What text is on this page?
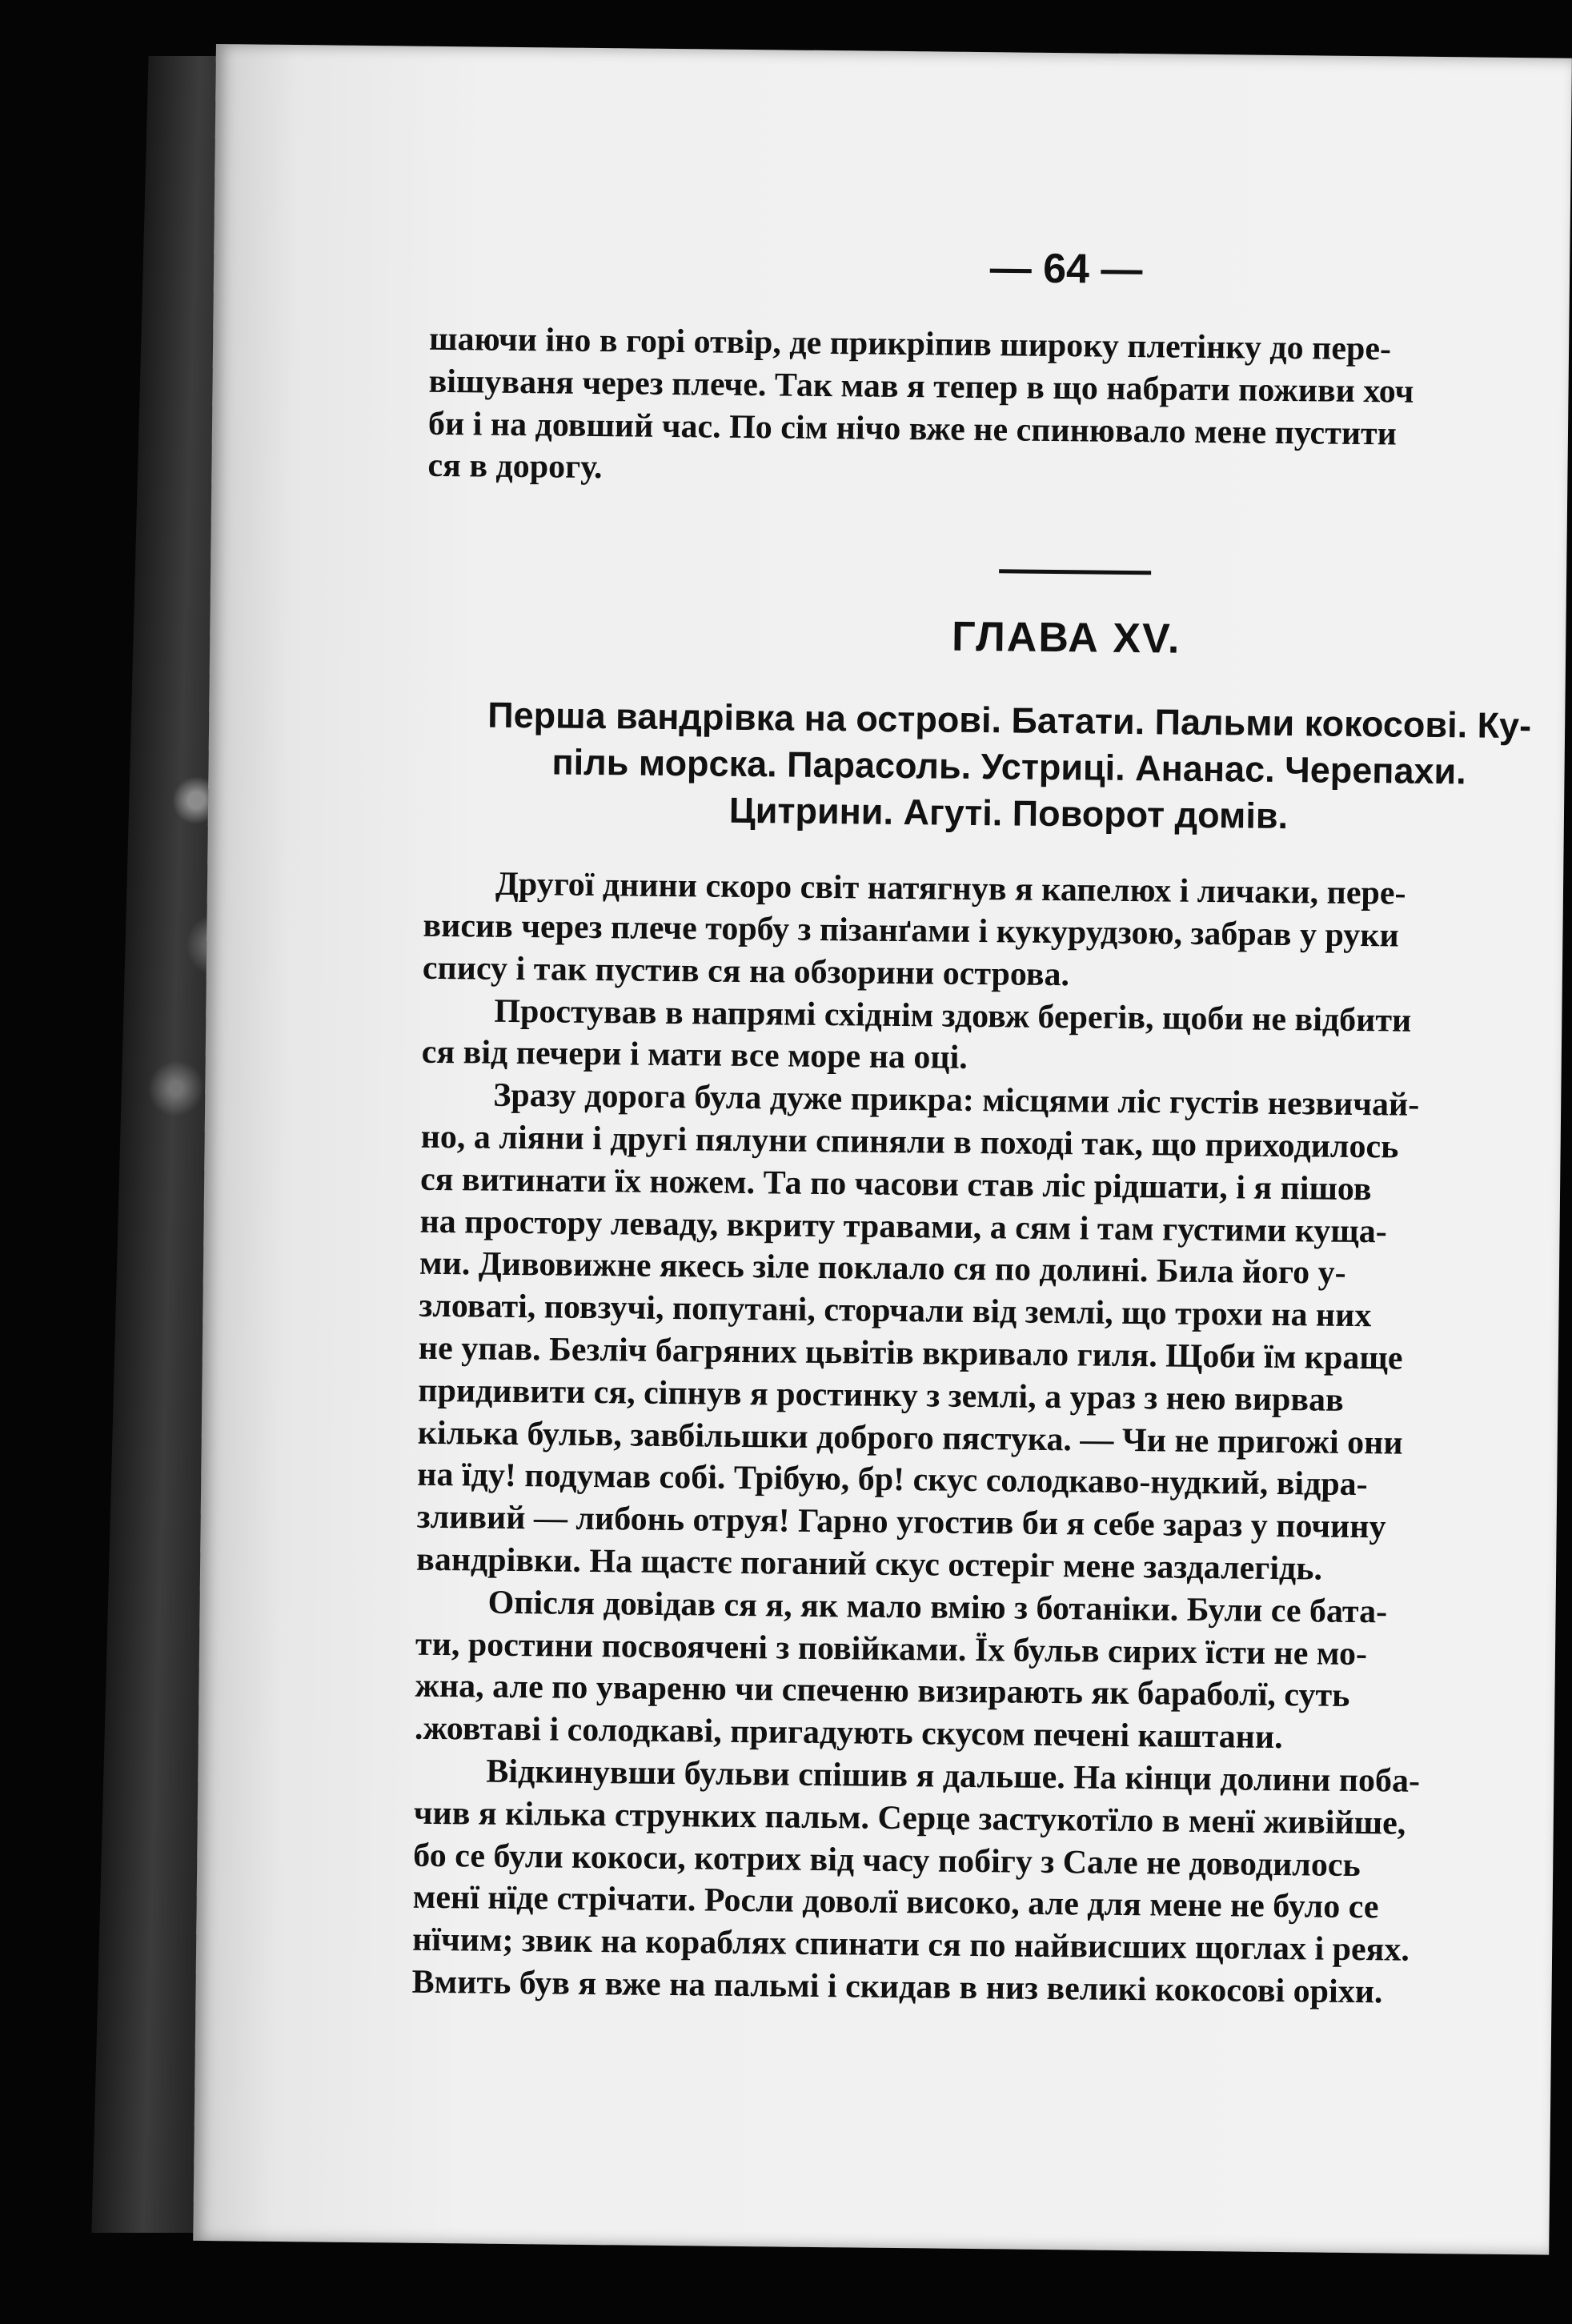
— 64 —
шаючи іно в горі отвір, де прикріпив широку плетінку до пере-
вішуваня через плече. Так мав я тепер в що набрати поживи хоч
би і на довший час. По сім нічо вже не спинювало мене пустити
ся в дорогу.
ГЛАВА XV.
Перша вандрівка на острові. Батати. Пальми кокосові. Ку-
піль морска. Парасоль. Устриці. Ананас. Черепахи.
Цитрини. Агуті. Поворот домів.
Другої днини скоро світ натягнув я капелюх і личаки, пере-
висив через плече торбу з пізанґами і кукурудзою, забрав у руки
спису і так пустив ся на обзорини острова.
Простував в напрямі східнім здовж берегів, щоби не відбити
ся від печери і мати все море на оці.
Зразу дорога була дуже прикра: місцями ліс густів незвичай-
но, а ліяни і другі пялуни спиняли в поході так, що приходилось
ся витинати їх ножем. Та по часови став ліс рідшати, і я пішов
на простору леваду, вкриту травами, а сям і там густими куща-
ми. Дивовижне якесь зіле поклало ся по долині. Била його у-
зловаті, повзучі, попутані, сторчали від землі, що трохи на них
не упав. Безліч багряних цьвітів вкривало гиля. Щоби їм краще
придивити ся, сіпнув я ростинку з землі, а ураз з нею вирвав
кілька бульв, завбільшки доброго пястука. — Чи не пригожі они
на їду! подумав собі. Трібую, бр! скус солодкаво-нудкий, відра-
зливий — либонь отруя! Гарно угостив би я себе зараз у почину
вандрівки. На щастє поганий скус остеріг мене заздалегідь.
Опісля довідав ся я, як мало вмію з ботаніки. Були се бата-
ти, ростини посвоячені з повійками. Їх бульв сирих їсти не мо-
жна, але по увареню чи спеченю визирають як бараболї, суть
.жовтаві і солодкаві, пригадують скусом печені каштани.
Відкинувши бульви спішив я дальше. На кінци долини поба-
чив я кілька струнких пальм. Серце застукотїло в менї живійше,
бо се були кокоси, котрих від часу побігу з Сале не доводилось
менї нїде стрічати. Росли доволї високо, але для мене не було се
нїчим; звик на кораблях спинати ся по найвисших щоглах і реях.
Вмить був я вже на пальмі і скидав в низ великі кокосові оріхи.
